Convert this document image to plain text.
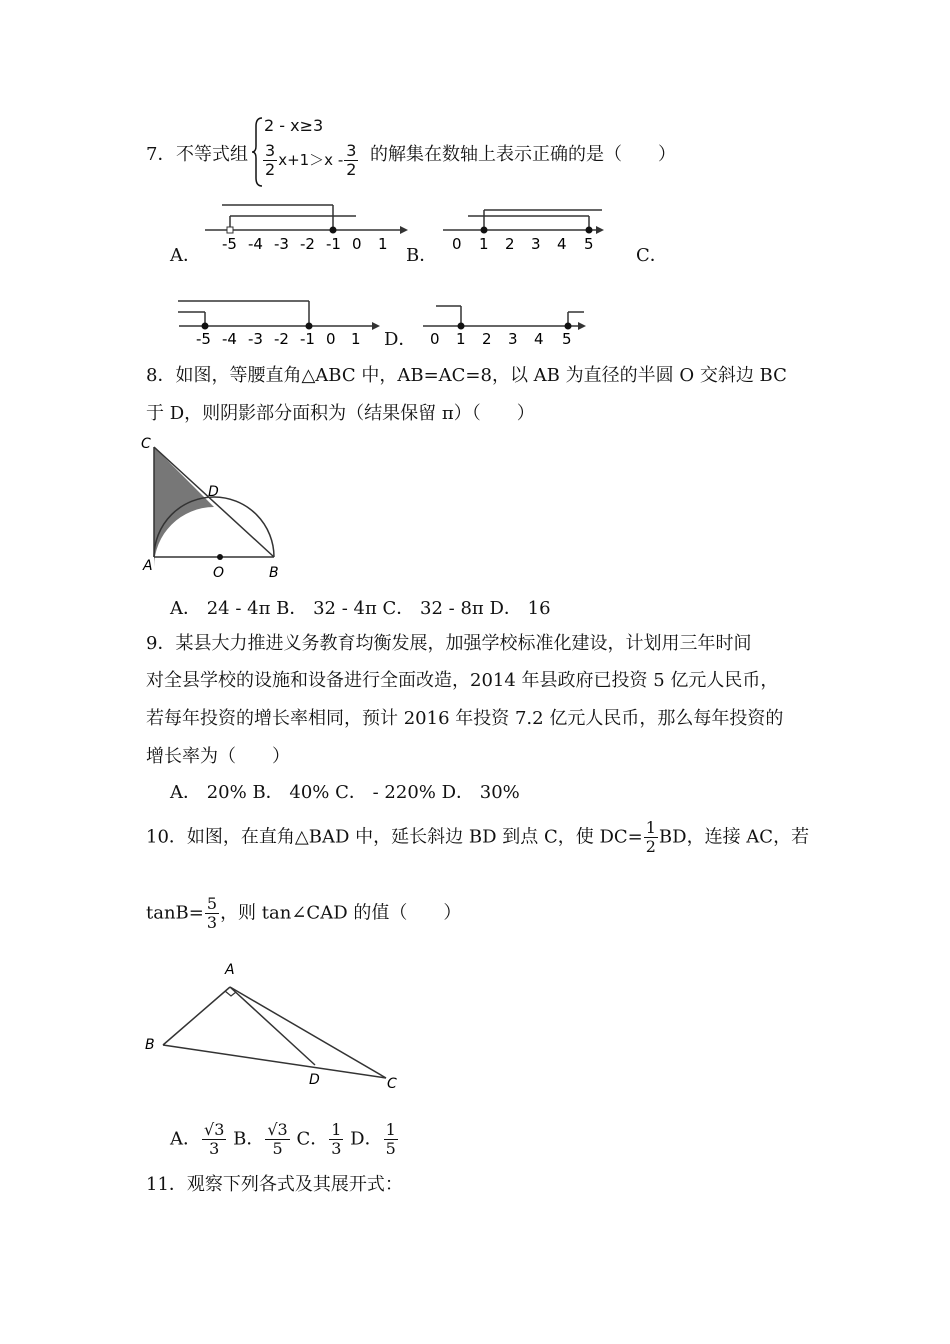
7． 不等式组
2 - x≥3
$\frac{3}{2} x+1>x - \frac{3}{2}$ 的解集在数轴上表示正确的是（　　）
A．
-5 -4 -3 -2 -1 0 1
B．
0 1 2 3 4 5
C．
-5 -4 -3 -2 -1 0 1 D． 0 1 2 3 4 5
8．如图，等腰直角△ABC 中，AB=AC=8，以 AB 为直径的半圆 O 交斜边 BC
于 D，则阴影部分面积为（结果保留 π）（　　）
C
D
A	O	B
A． 24 - 4π B． 32 - 4π C． 32 - 8π D． 16
9．某县大力推进义务教育均衡发展，加强学校标准化建设，计划用三年时间
对全县学校的设施和设备进行全面改造，2014 年县政府已投资 5 亿元人民币，
若每年投资的增长率相同，预计 2016 年投资 7.2 亿元人民币，那么每年投资的
增长率为（　　）
A． 20% B． 40% C． - 220% D． 30%
10．如图，在直角△BAD 中，延长斜边 BD 到点 C，使 $DC= \frac{1}{2}$ BD，连接 AC，若
$\tan B= \frac{5}{3}$ ，则 tan∠CAD 的值（　　）
A
B
D	C
A． $\frac{√3}{3}$ B． $\frac{√3}{5}$ C． $\frac{1}{3}$ D． $\frac{1}{5}$
11．观察下列各式及其展开式：
